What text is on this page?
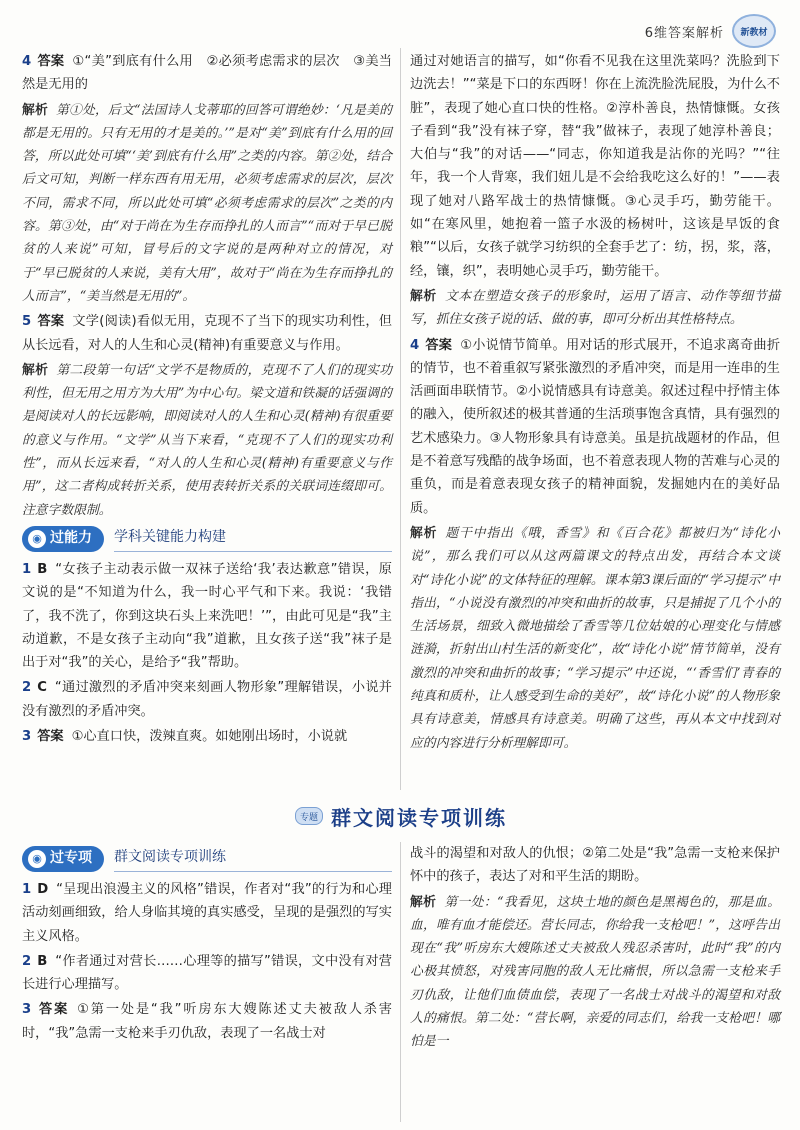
6维答案解析 新教材

4 答案 ①“美”到底有什么用　②必须考虑需求的层次　③美当然是无用的

解析 第①处，后文“法国诗人戈蒂耶的回答可谓绝妙：‘凡是美的都是无用的。只有无用的才是美的。’”是对“美”到底有什么用的回答，所以此处可填“‘美’到底有什么用”之类的内容。第②处，结合后文可知，判断一样东西有用无用，必须考虑需求的层次，层次不同，需求不同，所以此处可填“必须考虑需求的层次”之类的内容。第③处，由“对于尚在为生存而挣扎的人而言”“而对于早已脱贫的人来说”可知，冒号后的文字说的是两种对立的情况，对于“早已脱贫的人来说，美有大用”，故对于“尚在为生存而挣扎的人而言”，“美当然是无用的”。

5 答案 文学(阅读)看似无用，克现不了当下的现实功利性，但从长远看，对人的人生和心灵(精神)有重要意义与作用。

解析 第二段第一句话“文学不是物质的，克现不了人们的现实功利性，但无用之用方为大用”为中心句。梁文道和铁凝的话强调的是阅读对人的长远影响，即阅读对人的人生和心灵(精神)有很重要的意义与作用。“文学”从当下来看，“克现不了人们的现实功利性”，而从长远来看，“对人的人生和心灵(精神)有重要意义与作用”，这二者构成转折关系，使用表转折关系的关联词连缀即可。注意字数限制。

◉ 过能力 学科关键能力构建

1 B “女孩子主动表示做一双袜子送给‘我’表达歉意”错误，原文说的是“不知道为什么，我一时心平气和下来。我说：‘我错了，我不洗了，你到这块石头上来洗吧！’”，由此可见是“我”主动道歉，不是女孩子主动向“我”道歉，且女孩子送“我”袜子是出于对“我”的关心，是给予“我”帮助。

2 C “通过激烈的矛盾冲突来刻画人物形象”理解错误，小说并没有激烈的矛盾冲突。

3 答案 ①心直口快，泼辣直爽。如她刚出场时，小说就

通过对她语言的描写，如“你看不见我在这里洗菜吗？洗脸到下边洗去！”“菜是下口的东西呀！你在上流洗脸洗屁股，为什么不脏”，表现了她心直口快的性格。②淳朴善良，热情慷慨。女孩子看到“我”没有袜子穿，替“我”做袜子，表现了她淳朴善良；大伯与“我”的对话——“同志，你知道我是沾你的光吗？”“往年，我一个人背寒，我们妞儿是不会给我吃这么好的！”——表现了她对八路军战士的热情慷慨。③心灵手巧，勤劳能干。如“在寒风里，她抱着一篮子水汲的杨树叶，这该是早饭的食粮”“以后，女孩子就学习纺织的全套手艺了：纺，拐，浆，落，经，镶，织”，表明她心灵手巧，勤劳能干。

解析 文本在塑造女孩子的形象时，运用了语言、动作等细节描写，抓住女孩子说的话、做的事，即可分析出其性格特点。

4 答案 ①小说情节简单。用对话的形式展开，不追求离奇曲折的情节，也不着重叙写紧张激烈的矛盾冲突，而是用一连串的生活画面串联情节。②小说情感具有诗意美。叙述过程中抒情主体的融入，使所叙述的极其普通的生活琐事饱含真情，具有强烈的艺术感染力。③人物形象具有诗意美。虽是抗战题材的作品，但是不着意写残酷的战争场面，也不着意表现人物的苦难与心灵的重负，而是着意表现女孩子的精神面貌，发掘她内在的美好品质。

解析 题干中指出《哦，香雪》和《百合花》都被归为“诗化小说”，那么我们可以从这两篇课文的特点出发，再结合本文谈对“诗化小说”的文体特征的理解。课本第3课后面的“学习提示”中指出，“小说没有激烈的冲突和曲折的故事，只是捕捉了几个小的生活场景，细致入微地描绘了香雪等几位姑娘的心理变化与情感涟漪，折射出山村生活的新变化”，故“诗化小说”情节简单，没有激烈的冲突和曲折的故事；“学习提示”中还说，“‘香雪们’青春的纯真和质朴，让人感受到生命的美好”，故“诗化小说”的人物形象具有诗意美，情感具有诗意美。明确了这些，再从本文中找到对应的内容进行分析理解即可。

专题 群文阅读专项训练
◉ 过专项 群文阅读专项训练

1 D “呈现出浪漫主义的风格”错误，作者对“我”的行为和心理活动刻画细致，给人身临其境的真实感受，呈现的是强烈的写实主义风格。

2 B “作者通过对营长……心理等的描写”错误，文中没有对营长进行心理描写。

3 答案 ①第一处是“我”听房东大嫂陈述丈夫被敌人杀害时，“我”急需一支枪来手刃仇敌，表现了一名战士对

战斗的渴望和对敌人的仇恨；②第二处是“我”急需一支枪来保护怀中的孩子，表达了对和平生活的期盼。

解析 第一处：“我看见，这块土地的颜色是黑褐色的，那是血。血，唯有血才能偿还。营长同志，你给我一支枪吧！”，这呼告出现在“我”听房东大嫂陈述丈夫被敌人残忍杀害时，此时“我”的内心极其愤怒，对残害同胞的敌人无比痛恨，所以急需一支枪来手刃仇敌，让他们血债血偿，表现了一名战士对战斗的渴望和对敌人的痛恨。第二处：“营长啊，亲爱的同志们，给我一支枪吧！哪怕是一
